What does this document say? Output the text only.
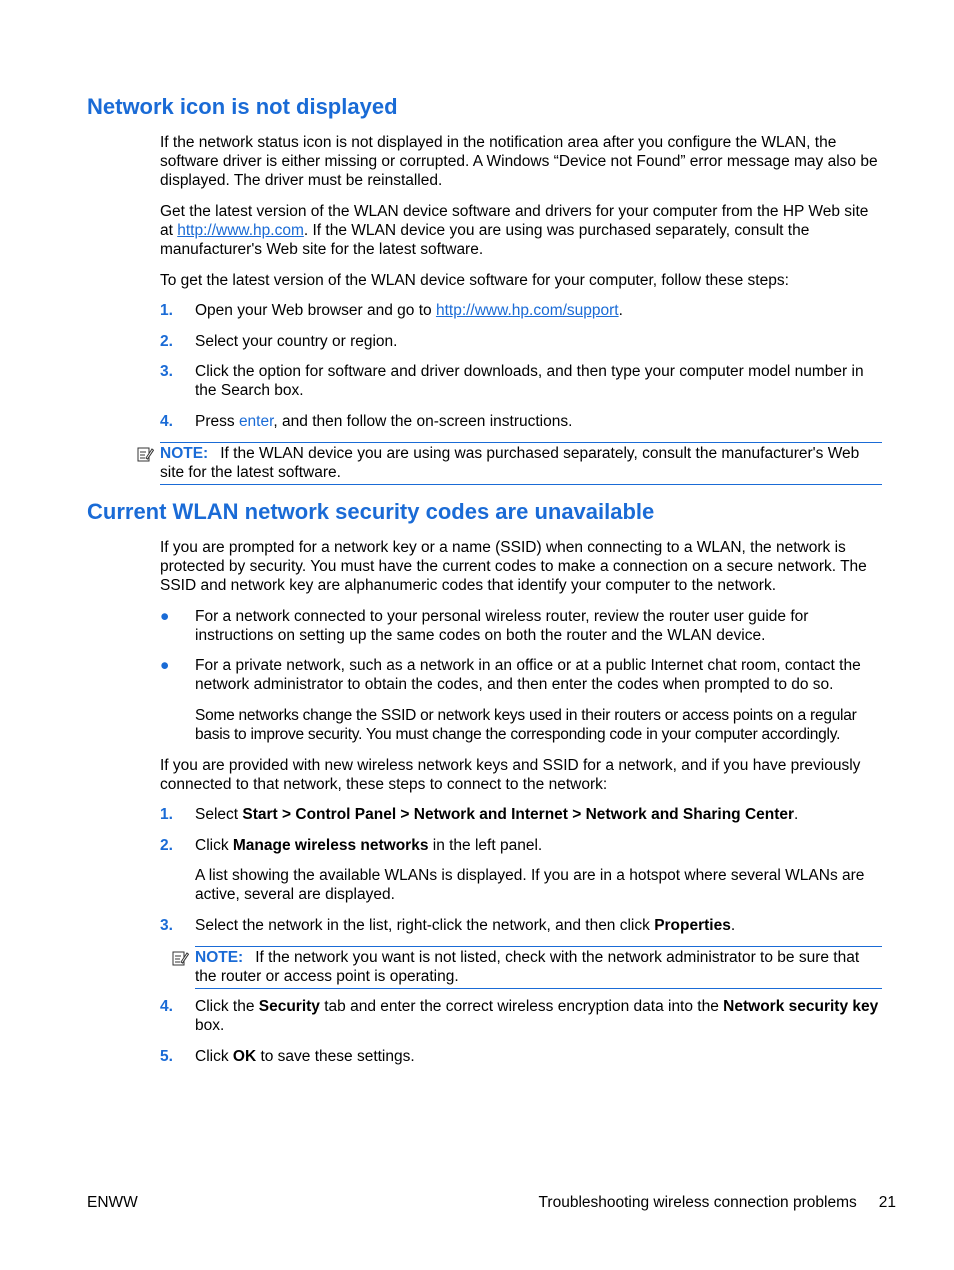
Network icon is not displayed

If the network status icon is not displayed in the notification area after you configure the WLAN, the software driver is either missing or corrupted. A Windows “Device not Found” error message may also be displayed. The driver must be reinstalled.

Get the latest version of the WLAN device software and drivers for your computer from the HP Web site at http://www.hp.com. If the WLAN device you are using was purchased separately, consult the manufacturer's Web site for the latest software.

To get the latest version of the WLAN device software for your computer, follow these steps:

1. Open your Web browser and go to http://www.hp.com/support.
2. Select your country or region.
3. Click the option for software and driver downloads, and then type your computer model number in the Search box.
4. Press enter, and then follow the on-screen instructions.
NOTE: If the WLAN device you are using was purchased separately, consult the manufacturer's Web site for the latest software.
Current WLAN network security codes are unavailable

If you are prompted for a network key or a name (SSID) when connecting to a WLAN, the network is protected by security. You must have the current codes to make a connection on a secure network. The SSID and network key are alphanumeric codes that identify your computer to the network.

● For a network connected to your personal wireless router, review the router user guide for instructions on setting up the same codes on both the router and the WLAN device.
● For a private network, such as a network in an office or at a public Internet chat room, contact the network administrator to obtain the codes, and then enter the codes when prompted to do so.
Some networks change the SSID or network keys used in their routers or access points on a regular basis to improve security. You must change the corresponding code in your computer accordingly.

If you are provided with new wireless network keys and SSID for a network, and if you have previously connected to that network, these steps to connect to the network:

1. Select Start > Control Panel > Network and Internet > Network and Sharing Center.
2. Click Manage wireless networks in the left panel.
A list showing the available WLANs is displayed. If you are in a hotspot where several WLANs are active, several are displayed.
3. Select the network in the list, right-click the network, and then click Properties.
NOTE: If the network you want is not listed, check with the network administrator to be sure that the router or access point is operating.
4. Click the Security tab and enter the correct wireless encryption data into the Network security key box.
5. Click OK to save these settings.
ENWW	Troubleshooting wireless connection problems 21
